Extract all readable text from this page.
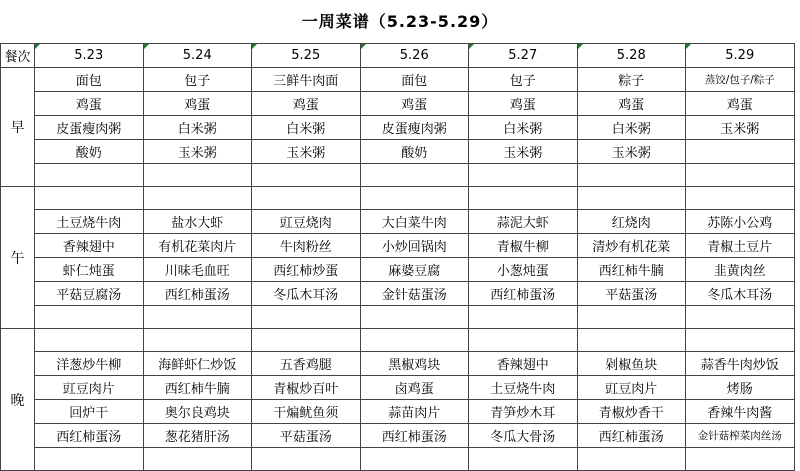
一周菜谱（5.23-5.29）
餐次	5.23	5.24	5.25	5.26	5.27	5.28	5.29
早	面包	包子	三鲜牛肉面	面包	包子	粽子	蒸饺/包子/粽子
	鸡蛋	鸡蛋	鸡蛋	鸡蛋	鸡蛋	鸡蛋	鸡蛋
	皮蛋瘦肉粥	白米粥	白米粥	皮蛋瘦肉粥	白米粥	白米粥	玉米粥
	酸奶	玉米粥	玉米粥	酸奶	玉米粥	玉米粥	

午							
	土豆烧牛肉	盐水大虾	豇豆烧肉	大白菜牛肉	蒜泥大虾	红烧肉	苏陈小公鸡
	香辣翅中	有机花菜肉片	牛肉粉丝	小炒回锅肉	青椒牛柳	清炒有机花菜	青椒土豆片
	虾仁炖蛋	川味毛血旺	西红柿炒蛋	麻婆豆腐	小葱炖蛋	西红柿牛腩	韭黄肉丝
	平菇豆腐汤	西红柿蛋汤	冬瓜木耳汤	金针菇蛋汤	西红柿蛋汤	平菇蛋汤	冬瓜木耳汤

晚							
	洋葱炒牛柳	海鲜虾仁炒饭	五香鸡腿	黑椒鸡块	香辣翅中	剁椒鱼块	蒜香牛肉炒饭
	豇豆肉片	西红柿牛腩	青椒炒百叶	卤鸡蛋	土豆烧牛肉	豇豆肉片	烤肠
	回炉干	奥尔良鸡块	干煸鱿鱼须	蒜苗肉片	青笋炒木耳	青椒炒香干	香辣牛肉酱
	西红柿蛋汤	葱花猪肝汤	平菇蛋汤	西红柿蛋汤	冬瓜大骨汤	西红柿蛋汤	金针菇榨菜肉丝汤
